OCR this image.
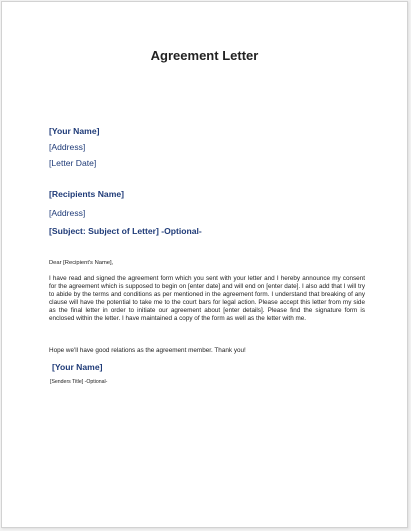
Agreement Letter
[Your Name]
[Address]
[Letter Date]
[Recipients Name]
[Address]
[Subject: Subject of Letter] -Optional-
Dear [Recipient's Name],
I have read and signed the agreement form which you sent with your letter and I hereby announce my consent for the agreement which is supposed to begin on [enter date] and will end on [enter date]. I also add that I will try to abide by the terms and conditions as per mentioned in the agreement form. I understand that breaking of any clause will have the potential to take me to the court bars for legal action. Please accept this letter from my side as the final letter in order to initiate our agreement about [enter details]. Please find the signature form is enclosed within the letter. I have maintained a copy of the form as well as the letter with me.
Hope we'll have good relations as the agreement member. Thank you!
[Your Name]
[Senders Title] -Optional-
